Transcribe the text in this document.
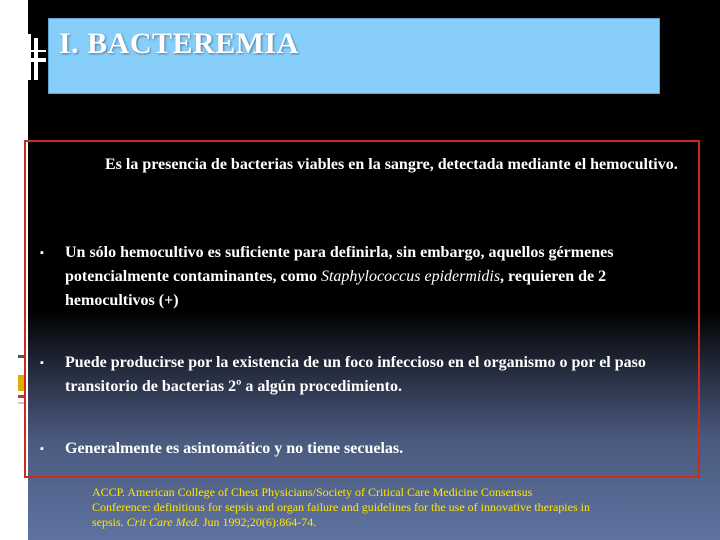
I. BACTEREMIA
Es la presencia de bacterias viables en la sangre, detectada mediante el hemocultivo.
▪ Un sólo hemocultivo es suficiente para definirla, sin embargo, aquellos gérmenes potencialmente contaminantes, como Staphylococcus epidermidis, requieren de 2 hemocultivos (+)
▪ Puede producirse por la existencia de un foco infeccioso en el organismo o por el paso transitorio de bacterias 2º a algún procedimiento.
▪ Generalmente es asintomático y no tiene secuelas.
ACCP. American College of Chest Physicians/Society of Critical Care Medicine Consensus Conference: definitions for sepsis and organ failure and guidelines for the use of innovative therapies in sepsis. Crit Care Med. Jun 1992;20(6):864-74.
